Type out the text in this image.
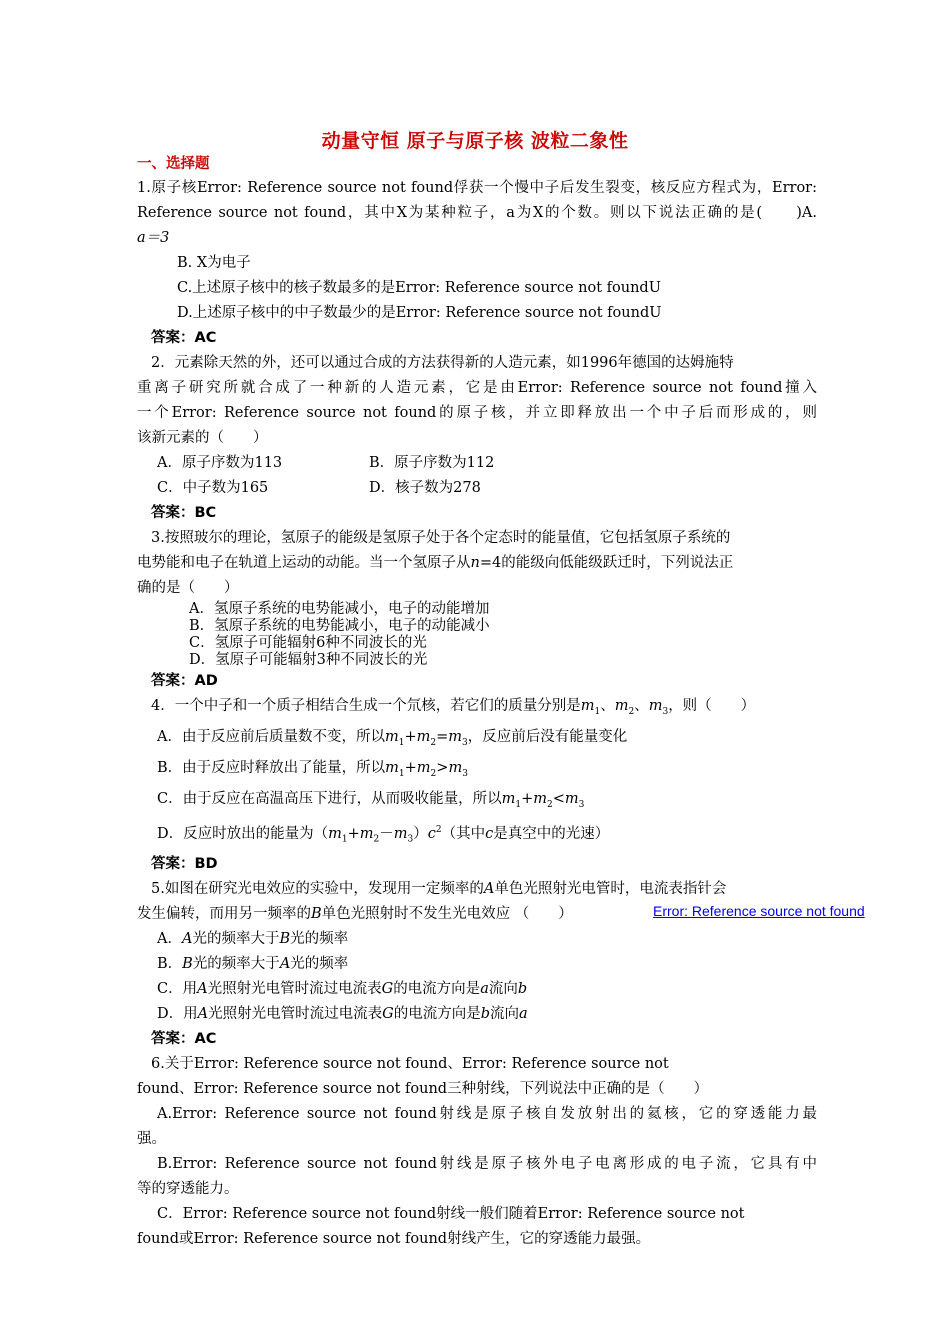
动量守恒 原子与原子核 波粒二象性
一、选择题
Error: Reference source not found

1.原子核Error: Reference source not found俘获一个慢中子后发生裂变，核反应方程式为，Error:

Reference source not found，其中X为某种粒子，a为X的个数。则以下说法正确的是(　　)A.

a＝3

B. X为电子

C.上述原子核中的核子数最多的是Error: Reference source not foundU

D.上述原子核中的中子数最少的是Error: Reference source not foundU

答案：AC

2．元素除天然的外，还可以通过合成的方法获得新的人造元素，如1996年德国的达姆施特

重离子研究所就合成了一种新的人造元素，它是由Error: Reference source not found撞入

一个Error: Reference source not found的原子核，并立即释放出一个中子后而形成的，则

该新元素的（　　）

A．原子序数为113	B．原子序数为112
C．中子数为165	D．核子数为278
答案：BC

3.按照玻尔的理论，氢原子的能级是氢原子处于各个定态时的能量值，它包括氢原子系统的

电势能和电子在轨道上运动的动能。当一个氢原子从n=4的能级向低能级跃迁时，下列说法正

确的是（　　）

A．氢原子系统的电势能减小，电子的动能增加
B．氢原子系统的电势能减小，电子的动能减小
C．氢原子可能辐射6种不同波长的光
D．氢原子可能辐射3种不同波长的光
答案：AD

4．一个中子和一个质子相结合生成一个氘核，若它们的质量分别是$m_1$、$m_2$、$m_3$，则（　　）

A．由于反应前后质量数不变，所以$m_1+m_2=m_3$，反应前后没有能量变化

B．由于反应时释放出了能量，所以$m_1+m_2>m_3$

C．由于反应在高温高压下进行，从而吸收能量，所以$m_1+m_2<m_3$

D．反应时放出的能量为$(m_1+m_2-m_3)c^2$（其中c是真空中的光速）

答案：BD

5.如图在研究光电效应的实验中，发现用一定频率的A单色光照射光电管时，电流表指针会

发生偏转，而用另一频率的B单色光照射时不发生光电效应 （　　）

A．A光的频率大于B光的频率

B．B光的频率大于A光的频率

C．用A光照射光电管时流过电流表G的电流方向是a流向b

D．用A光照射光电管时流过电流表G的电流方向是b流向a

答案：AC

6.关于Error: Reference source not found、Error: Reference source not

found、Error: Reference source not found三种射线，下列说法中正确的是（　　）

A.Error: Reference source not found射线是原子核自发放射出的氦核，它的穿透能力最

强。

B.Error: Reference source not found射线是原子核外电子电离形成的电子流，它具有中

等的穿透能力。

C．Error: Reference source not found射线一般们随着Error: Reference source not

found或Error: Reference source not found射线产生，它的穿透能力最强。
